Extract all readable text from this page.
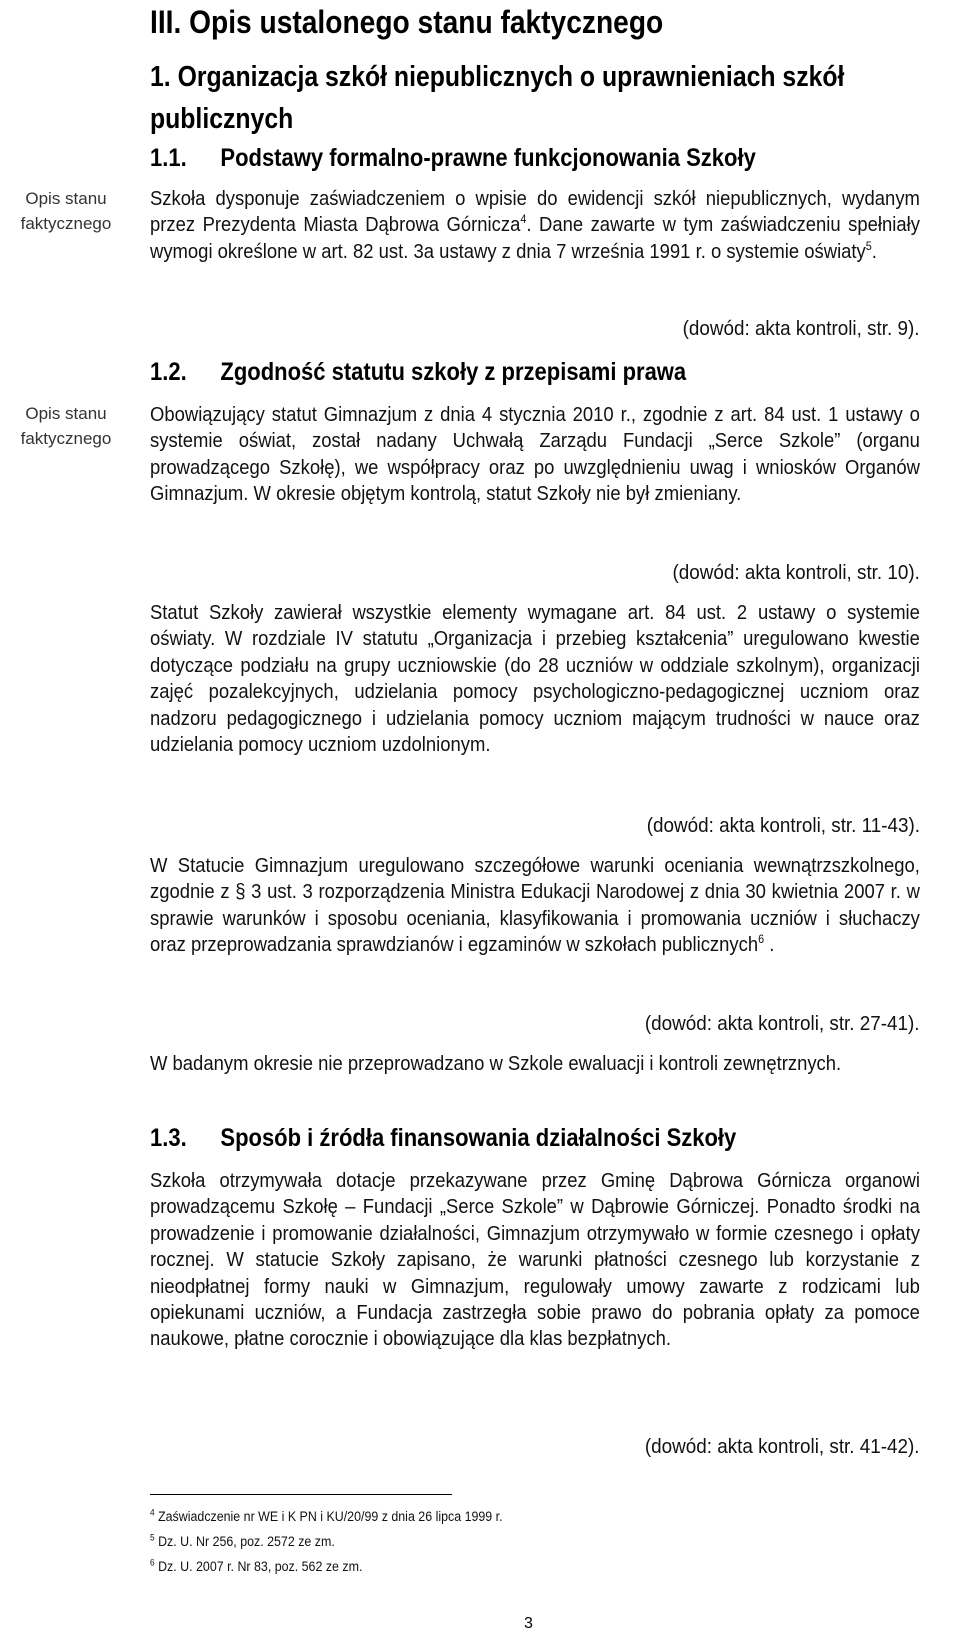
Opis stanu
faktycznego
Opis stanu
faktycznego
III. Opis ustalonego stanu faktycznego
1. Organizacja szkół niepublicznych o uprawnieniach szkół publicznych
1.1. Podstawy formalno-prawne funkcjonowania Szkoły
Szkoła dysponuje zaświadczeniem o wpisie do ewidencji szkół niepublicznych, wydanym przez Prezydenta Miasta Dąbrowa Górnicza$^4$. Dane zawarte w tym zaświadczeniu spełniały wymogi określone w art. 82 ust. 3a ustawy z dnia 7 września 1991 r. o systemie oświaty$^5$.
(dowód: akta kontroli, str. 9).
1.2. Zgodność statutu szkoły z przepisami prawa
Obowiązujący statut Gimnazjum z dnia 4 stycznia 2010 r., zgodnie z art. 84 ust. 1 ustawy o systemie oświat, został nadany Uchwałą Zarządu Fundacji „Serce Szkole” (organu prowadzącego Szkołę), we współpracy oraz po uwzględnieniu uwag i wniosków Organów Gimnazjum. W okresie objętym kontrolą, statut Szkoły nie był zmieniany.
(dowód: akta kontroli, str. 10).
Statut Szkoły zawierał wszystkie elementy wymagane art. 84 ust. 2 ustawy o systemie oświaty. W rozdziale IV statutu „Organizacja i przebieg kształcenia” uregulowano kwestie dotyczące podziału na grupy uczniowskie (do 28 uczniów w oddziale szkolnym), organizacji zajęć pozalekcyjnych, udzielania pomocy psychologiczno-pedagogicznej uczniom oraz nadzoru pedagogicznego i udzielania pomocy uczniom mającym trudności w nauce oraz udzielania pomocy uczniom uzdolnionym.
(dowód: akta kontroli, str. 11-43).
W Statucie Gimnazjum uregulowano szczegółowe warunki oceniania wewnątrzszkolnego, zgodnie z § 3 ust. 3 rozporządzenia Ministra Edukacji Narodowej z dnia 30 kwietnia 2007 r. w sprawie warunków i sposobu oceniania, klasyfikowania i promowania uczniów i słuchaczy oraz przeprowadzania sprawdzianów i egzaminów w szkołach publicznych$^6$ .
(dowód: akta kontroli, str. 27-41).
W badanym okresie nie przeprowadzano w Szkole ewaluacji i kontroli zewnętrznych.
1.3. Sposób i źródła finansowania działalności Szkoły
Szkoła otrzymywała dotacje przekazywane przez Gminę Dąbrowa Górnicza organowi prowadzącemu Szkołę – Fundacji „Serce Szkole” w Dąbrowie Górniczej. Ponadto środki na prowadzenie i promowanie działalności, Gimnazjum otrzymywało w formie czesnego i opłaty rocznej. W statucie Szkoły zapisano, że warunki płatności czesnego lub korzystanie z nieodpłatnej formy nauki w Gimnazjum, regulowały umowy zawarte z rodzicami lub opiekunami uczniów, a Fundacja zastrzegła sobie prawo do pobrania opłaty za pomoce naukowe, płatne corocznie i obowiązujące dla klas bezpłatnych.
(dowód: akta kontroli, str. 41-42).
$^4$ Zaświadczenie nr WE i K PN i KU/20/99 z dnia 26 lipca 1999 r.
$^5$ Dz. U. Nr 256, poz. 2572 ze zm.
$^6$ Dz. U. 2007 r. Nr 83, poz. 562 ze zm.
3
